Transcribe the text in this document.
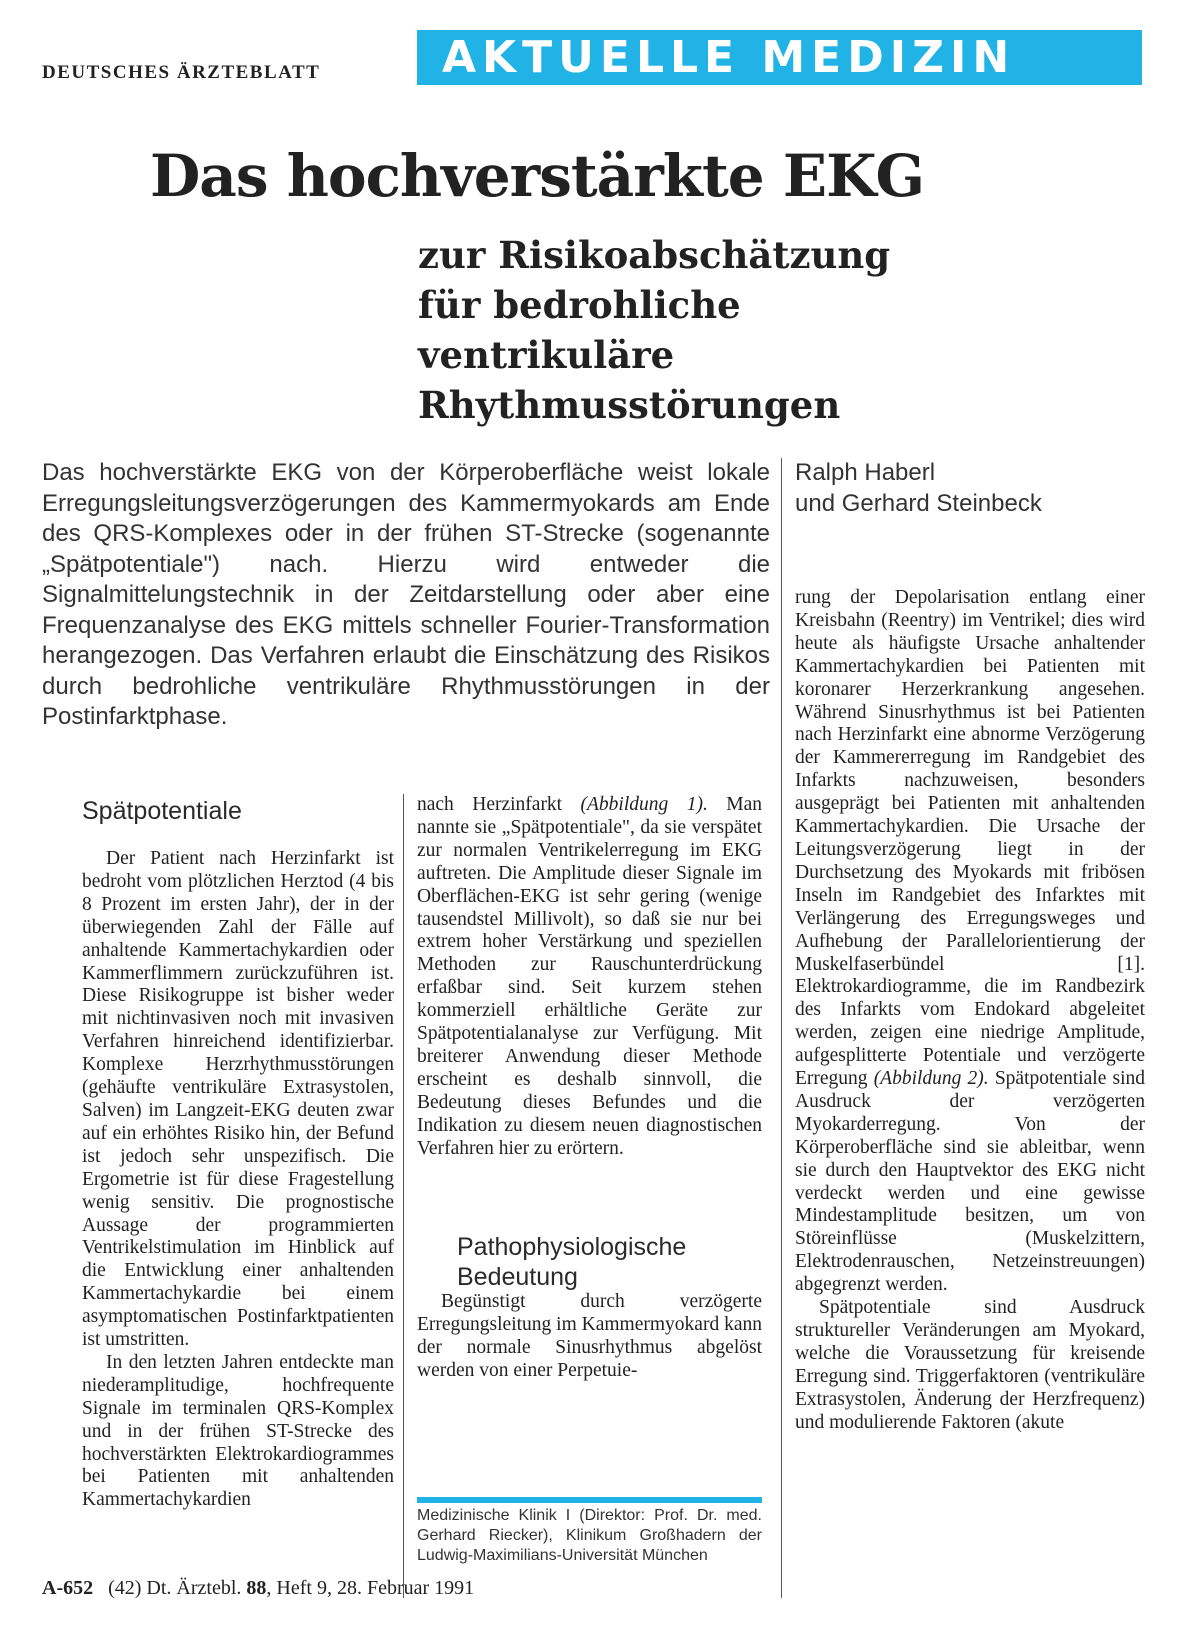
DEUTSCHES ÄRZTEBLATT	AKTUELLE MEDIZIN
Das hochverstärkte EKG
zur Risikoabschätzung
für bedrohliche
ventrikuläre
Rhythmusstörungen
Das hochverstärkte EKG von der Körperoberfläche weist lokale Erregungsleitungsverzögerungen des Kammermyokards am Ende des QRS-Komplexes oder in der frühen ST-Strecke (sogenannte „Spätpotentiale") nach. Hierzu wird entweder die Signalmittelungstechnik in der Zeitdarstellung oder aber eine Frequenzanalyse des EKG mittels schneller Fourier-Transformation herangezogen. Das Verfahren erlaubt die Einschätzung des Risikos durch bedrohliche ventrikuläre Rhythmusstörungen in der Postinfarktphase.
Ralph Haberl
und Gerhard Steinbeck
Spätpotentiale

Der Patient nach Herzinfarkt ist bedroht vom plötzlichen Herztod (4 bis 8 Prozent im ersten Jahr), der in der überwiegenden Zahl der Fälle auf anhaltende Kammertachykardien oder Kammerflimmern zurückzuführen ist. Diese Risikogruppe ist bisher weder mit nichtinvasiven noch mit invasiven Verfahren hinreichend identifizierbar. Komplexe Herzrhythmusstörungen (gehäufte ventrikuläre Extrasystolen, Salven) im Langzeit-EKG deuten zwar auf ein erhöhtes Risiko hin, der Befund ist jedoch sehr unspezifisch. Die Ergometrie ist für diese Fragestellung wenig sensitiv. Die prognostische Aussage der programmierten Ventrikelstimulation im Hinblick auf die Entwicklung einer anhaltenden Kammertachykardie bei einem asymptomatischen Postinfarktpatienten ist umstritten.

In den letzten Jahren entdeckte man niederamplitudige, hochfrequente Signale im terminalen QRS-Komplex und in der frühen ST-Strecke des hochverstärkten Elektrokardiogrammes bei Patienten mit anhaltenden Kammertachykardien

nach Herzinfarkt (Abbildung 1). Man nannte sie „Spätpotentiale", da sie verspätet zur normalen Ventrikelerregung im EKG auftreten. Die Amplitude dieser Signale im Oberflächen-EKG ist sehr gering (wenige tausendstel Millivolt), so daß sie nur bei extrem hoher Verstärkung und speziellen Methoden zur Rauschunterdrückung erfaßbar sind. Seit kurzem stehen kommerziell erhältliche Geräte zur Spätpotentialanalyse zur Verfügung. Mit breiterer Anwendung dieser Methode erscheint es deshalb sinnvoll, die Bedeutung dieses Befundes und die Indikation zu diesem neuen diagnostischen Verfahren hier zu erörtern.

Pathophysiologische
Bedeutung

Begünstigt durch verzögerte Erregungsleitung im Kammermyokard kann der normale Sinusrhythmus abgelöst werden von einer Perpetuie-

Medizinische Klinik I (Direktor: Prof. Dr. med. Gerhard Riecker), Klinikum Großhadern der Ludwig-Maximilians-Universität München

rung der Depolarisation entlang einer Kreisbahn (Reentry) im Ventrikel; dies wird heute als häufigste Ursache anhaltender Kammertachykardien bei Patienten mit koronarer Herzerkrankung angesehen. Während Sinusrhythmus ist bei Patienten nach Herzinfarkt eine abnorme Verzögerung der Kammererregung im Randgebiet des Infarkts nachzuweisen, besonders ausgeprägt bei Patienten mit anhaltenden Kammertachykardien. Die Ursache der Leitungsverzögerung liegt in der Durchsetzung des Myokards mit fribösen Inseln im Randgebiet des Infarktes mit Verlängerung des Erregungsweges und Aufhebung der Parallelorientierung der Muskelfaserbündel [1]. Elektrokardiogramme, die im Randbezirk des Infarkts vom Endokard abgeleitet werden, zeigen eine niedrige Amplitude, aufgesplitterte Potentiale und verzögerte Erregung (Abbildung 2). Spätpotentiale sind Ausdruck der verzögerten Myokarderregung. Von der Körperoberfläche sind sie ableitbar, wenn sie durch den Hauptvektor des EKG nicht verdeckt werden und eine gewisse Mindestamplitude besitzen, um von Störeinflüsse (Muskelzittern, Elektrodenrauschen, Netzeinstreuungen) abgegrenzt werden.

Spätpotentiale sind Ausdruck struktureller Veränderungen am Myokard, welche die Voraussetzung für kreisende Erregung sind. Triggerfaktoren (ventrikuläre Extrasystolen, Änderung der Herzfrequenz) und modulierende Faktoren (akute

A-652 (42) Dt. Ärztebl. 88, Heft 9, 28. Februar 1991
